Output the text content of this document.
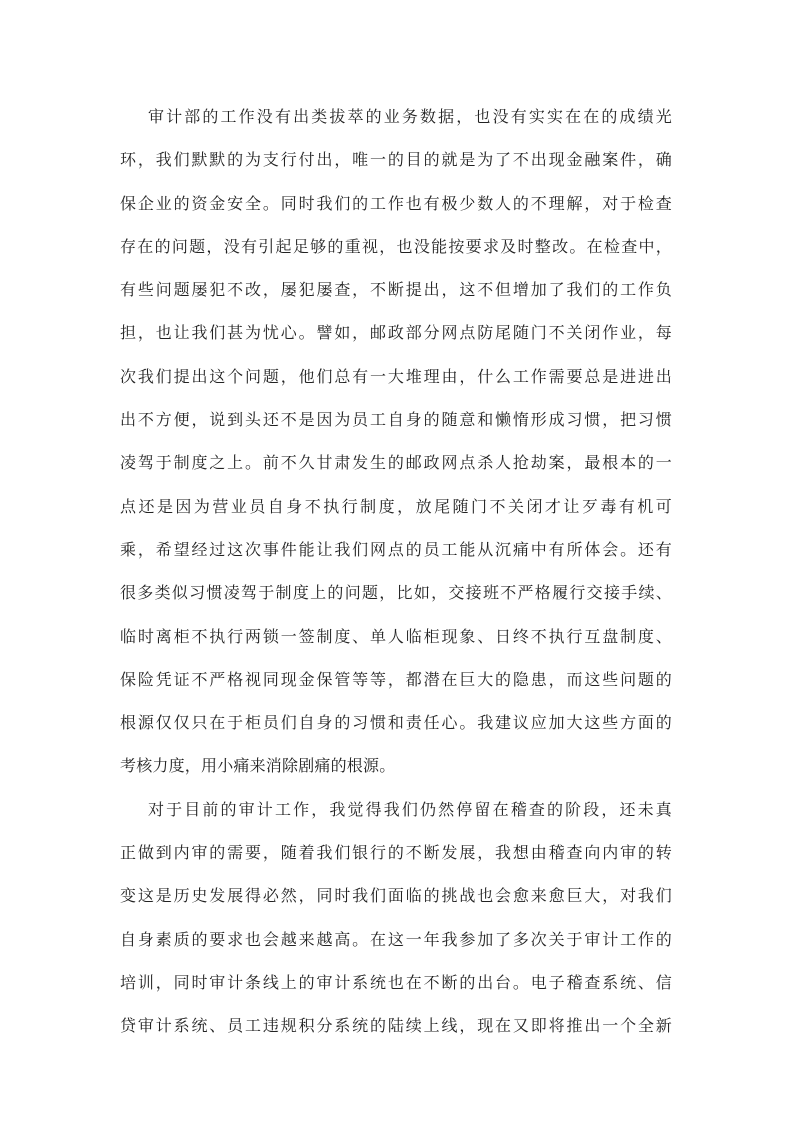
审计部的工作没有出类拔萃的业务数据，也没有实实在在的成绩光
环，我们默默的为支行付出，唯一的目的就是为了不出现金融案件，确
保企业的资金安全。同时我们的工作也有极少数人的不理解，对于检查
存在的问题，没有引起足够的重视，也没能按要求及时整改。在检查中，
有些问题屡犯不改，屡犯屡查，不断提出，这不但增加了我们的工作负
担，也让我们甚为忧心。譬如，邮政部分网点防尾随门不关闭作业，每
次我们提出这个问题，他们总有一大堆理由，什么工作需要总是进进出
出不方便，说到头还不是因为员工自身的随意和懒惰形成习惯，把习惯
凌驾于制度之上。前不久甘肃发生的邮政网点杀人抢劫案，最根本的一
点还是因为营业员自身不执行制度，放尾随门不关闭才让歹毒有机可
乘，希望经过这次事件能让我们网点的员工能从沉痛中有所体会。还有
很多类似习惯凌驾于制度上的问题，比如，交接班不严格履行交接手续、
临时离柜不执行两锁一签制度、单人临柜现象、日终不执行互盘制度、
保险凭证不严格视同现金保管等等，都潜在巨大的隐患，而这些问题的
根源仅仅只在于柜员们自身的习惯和责任心。我建议应加大这些方面的
考核力度，用小痛来消除剧痛的根源。
对于目前的审计工作，我觉得我们仍然停留在稽查的阶段，还未真
正做到内审的需要，随着我们银行的不断发展，我想由稽查向内审的转
变这是历史发展得必然，同时我们面临的挑战也会愈来愈巨大，对我们
自身素质的要求也会越来越高。在这一年我参加了多次关于审计工作的
培训，同时审计条线上的审计系统也在不断的出台。电子稽查系统、信
贷审计系统、员工违规积分系统的陆续上线，现在又即将推出一个全新
